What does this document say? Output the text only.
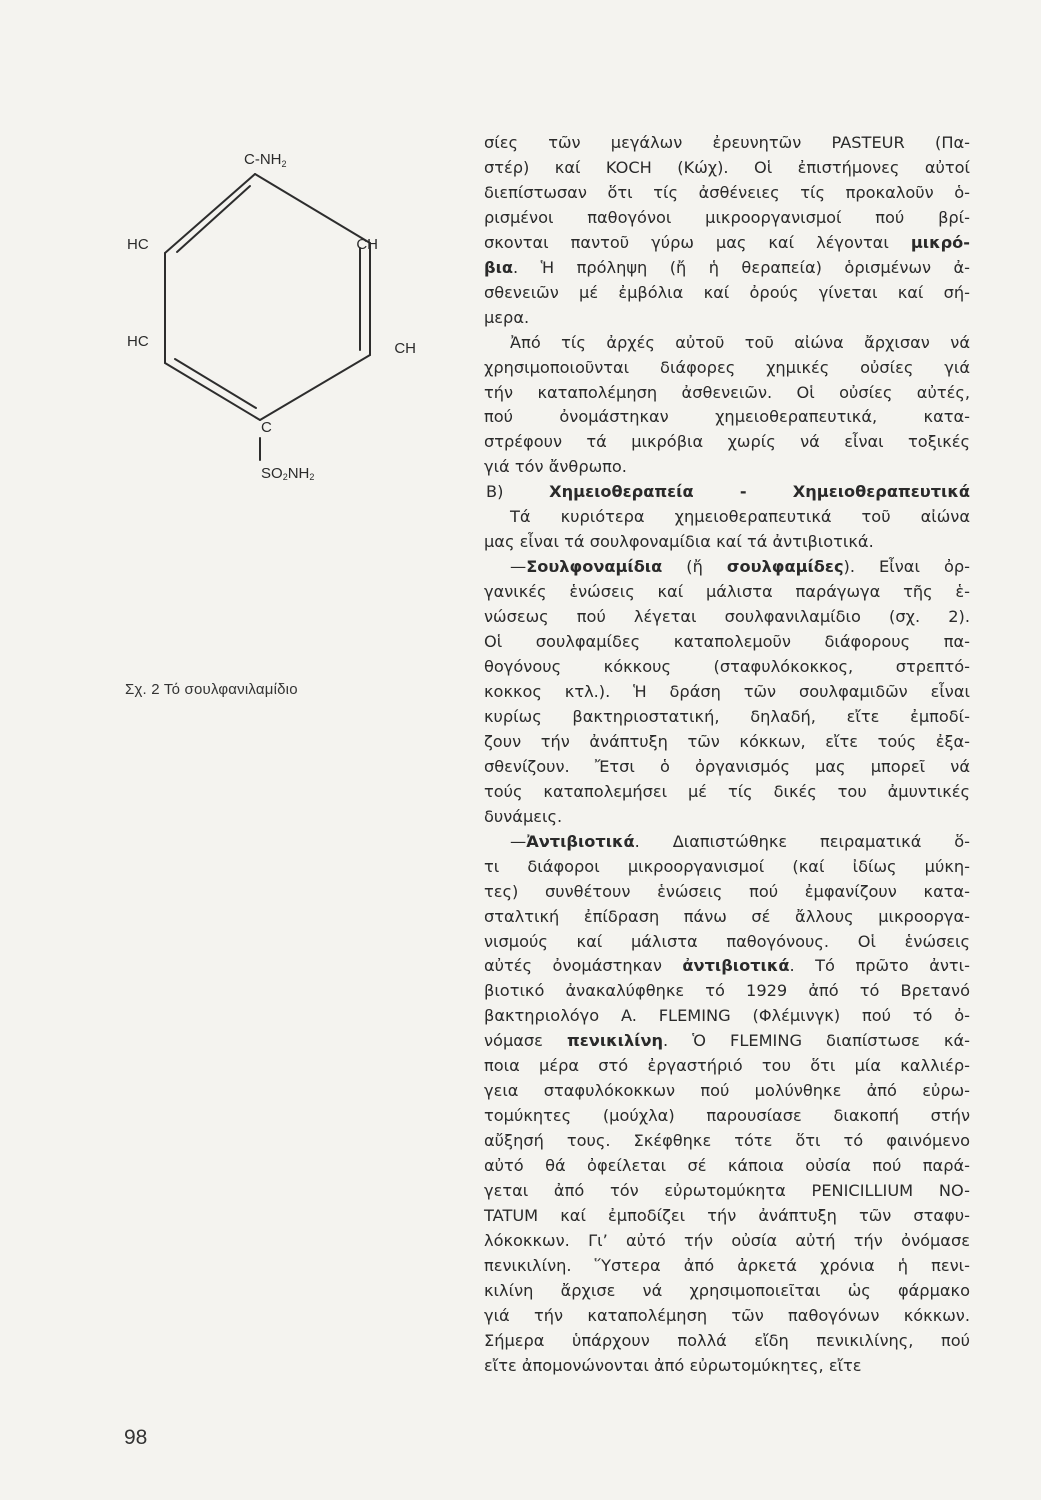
$C-NH_2$
HC	CH
HC	CH
C
SO2NH2
Σχ. 2 Τό σουλφανιλαμίδιο
σίες τῶν μεγάλων ἐρευνητῶν PASTEUR (Πα-
στέρ) καί KOCH (Κώχ). Οἱ ἐπιστήμονες αὐτοί
διεπίστωσαν ὅτι τίς ἀσθένειες τίς προκαλοῦν ὁ-
ρισμένοι παθογόνοι μικροοργανισμοί πού βρί-
σκονται παντοῦ γύρω μας καί λέγονται μικρό-
βια. Ἡ πρόληψη (ἤ ἡ θεραπεία) ὁρισμένων ἀ-
σθενειῶν μέ ἐμβόλια καί ὀρούς γίνεται καί σή-
μερα.
Ἀπό τίς ἀρχές αὐτοῦ τοῦ αἰώνα ἄρχισαν νά
χρησιμοποιοῦνται διάφορες χημικές οὐσίες γιά
τήν καταπολέμηση ἀσθενειῶν. Οἱ οὐσίες αὐτές,
πού ὀνομάστηκαν χημειοθεραπευτικά, κατα-
στρέφουν τά μικρόβια χωρίς νά εἶναι τοξικές
γιά τόν ἄνθρωπο.
Β) Χημειοθεραπεία - Χημειοθεραπευτικά
Τά κυριότερα χημειοθεραπευτικά τοῦ αἰώνα
μας εἶναι τά σουλφοναμίδια καί τά ἀντιβιοτικά.
—Σουλφοναμίδια (ἤ σουλφαμίδες). Εἶναι ὀρ-
γανικές ἑνώσεις καί μάλιστα παράγωγα τῆς ἑ-
νώσεως πού λέγεται σουλφανιλαμίδιο (σχ. 2).
Οἱ σουλφαμίδες καταπολεμοῦν διάφορους πα-
θογόνους κόκκους (σταφυλόκοκκος, στρεπτό-
κοκκος κτλ.). Ἡ δράση τῶν σουλφαμιδῶν εἶναι
κυρίως βακτηριοστατική, δηλαδή, εἴτε ἐμποδί-
ζουν τήν ἀνάπτυξη τῶν κόκκων, εἴτε τούς ἐξα-
σθενίζουν. Ἔτσι ὁ ὀργανισμός μας μπορεῖ νά
τούς καταπολεμήσει μέ τίς δικές του ἀμυντικές
δυνάμεις.
—Ἀντιβιοτικά. Διαπιστώθηκε πειραματικά ὅ-
τι διάφοροι μικροοργανισμοί (καί ἰδίως μύκη-
τες) συνθέτουν ἑνώσεις πού ἐμφανίζουν κατα-
σταλτική ἐπίδραση πάνω σέ ἄλλους μικροοργα-
νισμούς καί μάλιστα παθογόνους. Οἱ ἑνώσεις
αὐτές ὀνομάστηκαν ἀντιβιοτικά. Τό πρῶτο ἀντι-
βιοτικό ἀνακαλύφθηκε τό 1929 ἀπό τό Βρετανό
βακτηριολόγο A. FLEMING (Φλέμινγκ) πού τό ὀ-
νόμασε πενικιλίνη. Ὁ FLEMING διαπίστωσε κά-
ποια μέρα στό ἐργαστήριό του ὅτι μία καλλιέρ-
γεια σταφυλόκοκκων πού μολύνθηκε ἀπό εὐρω-
τομύκητες (μούχλα) παρουσίασε διακοπή στήν
αὔξησή τους. Σκέφθηκε τότε ὅτι τό φαινόμενο
αὐτό θά ὀφείλεται σέ κάποια οὐσία πού παρά-
γεται ἀπό τόν εὐρωτομύκητα PENICILLIUM NO-
TATUM καί ἐμποδίζει τήν ἀνάπτυξη τῶν σταφυ-
λόκοκκων. Γι’ αὐτό τήν οὐσία αὐτή τήν ὀνόμασε
πενικιλίνη. Ὕστερα ἀπό ἀρκετά χρόνια ἡ πενι-
κιλίνη ἄρχισε νά χρησιμοποιεῖται ὡς φάρμακο
γιά τήν καταπολέμηση τῶν παθογόνων κόκκων.
Σήμερα ὑπάρχουν πολλά εἴδη πενικιλίνης, πού
εἴτε ἀπομονώνονται ἀπό εὐρωτομύκητες, εἴτε
98
